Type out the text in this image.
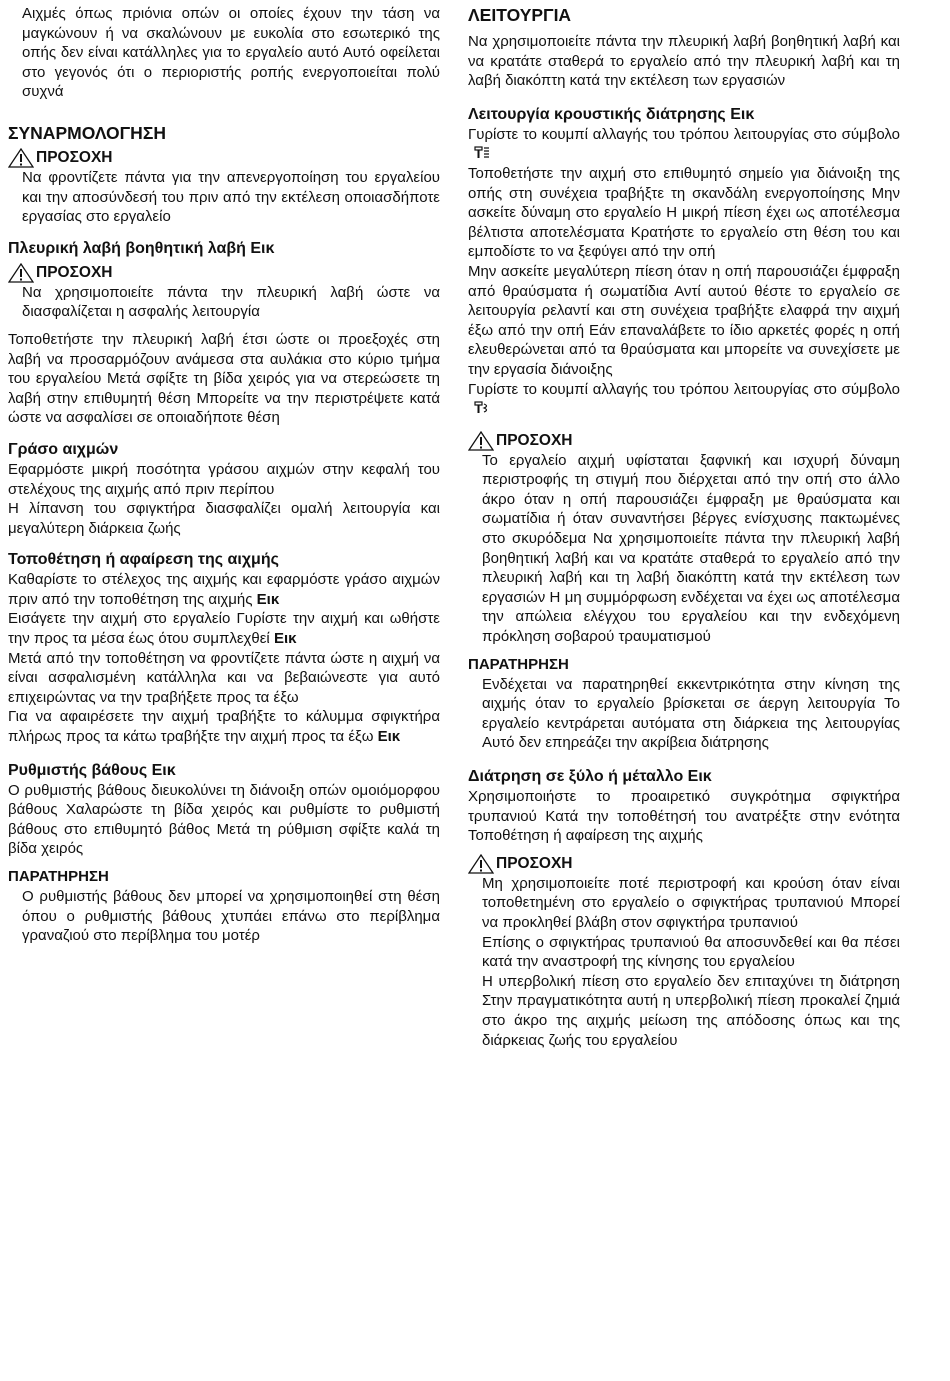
Αιχμές όπως πριόνια οπών οι οποίες έχουν την τάση να μαγκώνουν ή να σκαλώνουν με ευκολία στο εσωτερικό της οπής δεν είναι κατάλληλες για το εργαλείο αυτό Αυτό οφείλεται στο γεγονός ότι ο περιοριστής ροπής ενεργοποιείται πολύ συχνά

ΣΥΝΑΡΜΟΛΟΓΗΣΗ
ΠΡΟΣΟΧΗ

Να φροντίζετε πάντα για την απενεργοποίηση του εργαλείου και την αποσύνδεσή του πριν από την εκτέλεση οποιασδήποτε εργασίας στο εργαλείο

Πλευρική λαβή βοηθητική λαβή Εικ
ΠΡΟΣΟΧΗ

Να χρησιμοποιείτε πάντα την πλευρική λαβή ώστε να διασφαλίζεται η ασφαλής λειτουργία

Τοποθετήστε την πλευρική λαβή έτσι ώστε οι προεξοχές στη λαβή να προσαρμόζουν ανάμεσα στα αυλάκια στο κύριο τμήμα του εργαλείου Μετά σφίξτε τη βίδα χειρός για να στερεώσετε τη λαβή στην επιθυμητή θέση Μπορείτε να την περιστρέψετε κατά ώστε να ασφαλίσει σε οποιαδήποτε θέση

Γράσο αιχμών

Εφαρμόστε μικρή ποσότητα γράσου αιχμών στην κεφαλή του στελέχους της αιχμής από πριν περίπου

Η λίπανση του σφιγκτήρα διασφαλίζει ομαλή λειτουργία και μεγαλύτερη διάρκεια ζωής

Τοποθέτηση ή αφαίρεση της αιχμής

Καθαρίστε το στέλεχος της αιχμής και εφαρμόστε γράσο αιχμών πριν από την τοποθέτηση της αιχμής Εικ

Εισάγετε την αιχμή στο εργαλείο Γυρίστε την αιχμή και ωθήστε την προς τα μέσα έως ότου συμπλεχθεί Εικ

Μετά από την τοποθέτηση να φροντίζετε πάντα ώστε η αιχμή να είναι ασφαλισμένη κατάλληλα και να βεβαιώνεστε για αυτό επιχειρώντας να την τραβήξετε προς τα έξω

Για να αφαιρέσετε την αιχμή τραβήξτε το κάλυμμα σφιγκτήρα πλήρως προς τα κάτω τραβήξτε την αιχμή προς τα έξω Εικ

Ρυθμιστής βάθους Εικ

Ο ρυθμιστής βάθους διευκολύνει τη διάνοιξη οπών ομοιόμορφου βάθους Χαλαρώστε τη βίδα χειρός και ρυθμίστε το ρυθμιστή βάθους στο επιθυμητό βάθος Μετά τη ρύθμιση σφίξτε καλά τη βίδα χειρός

ΠΑΡΑΤΗΡΗΣΗ

Ο ρυθμιστής βάθους δεν μπορεί να χρησιμοποιηθεί στη θέση όπου ο ρυθμιστής βάθους χτυπάει επάνω στο περίβλημα γραναζιού στο περίβλημα του μοτέρ

ΛΕΙΤΟΥΡΓΙΑ

Να χρησιμοποιείτε πάντα την πλευρική λαβή βοηθητική λαβή και να κρατάτε σταθερά το εργαλείο από την πλευρική λαβή και τη λαβή διακόπτη κατά την εκτέλεση των εργασιών

Λειτουργία κρουστικής διάτρησης Εικ

Γυρίστε το κουμπί αλλαγής του τρόπου λειτουργίας στο σύμβολο

Τοποθετήστε την αιχμή στο επιθυμητό σημείο για διάνοιξη της οπής στη συνέχεια τραβήξτε τη σκανδάλη ενεργοποίησης Μην ασκείτε δύναμη στο εργαλείο Η μικρή πίεση έχει ως αποτέλεσμα βέλτιστα αποτελέσματα Κρατήστε το εργαλείο στη θέση του και εμποδίστε το να ξεφύγει από την οπή

Μην ασκείτε μεγαλύτερη πίεση όταν η οπή παρουσιάζει έμφραξη από θραύσματα ή σωματίδια Αντί αυτού θέστε το εργαλείο σε λειτουργία ρελαντί και στη συνέχεια τραβήξτε ελαφρά την αιχμή έξω από την οπή Εάν επαναλάβετε το ίδιο αρκετές φορές η οπή ελευθερώνεται από τα θραύσματα και μπορείτε να συνεχίσετε με την εργασία διάνοιξης

Γυρίστε το κουμπί αλλαγής του τρόπου λειτουργίας στο σύμβολο

ΠΡΟΣΟΧΗ

Το εργαλείο αιχμή υφίσταται ξαφνική και ισχυρή δύναμη περιστροφής τη στιγμή που διέρχεται από την οπή στο άλλο άκρο όταν η οπή παρουσιάζει έμφραξη με θραύσματα και σωματίδια ή όταν συναντήσει βέργες ενίσχυσης πακτωμένες στο σκυρόδεμα Να χρησιμοποιείτε πάντα την πλευρική λαβή βοηθητική λαβή και να κρατάτε σταθερά το εργαλείο από την πλευρική λαβή και τη λαβή διακόπτη κατά την εκτέλεση των εργασιών Η μη συμμόρφωση ενδέχεται να έχει ως αποτέλεσμα την απώλεια ελέγχου του εργαλείου και την ενδεχόμενη πρόκληση σοβαρού τραυματισμού

ΠΑΡΑΤΗΡΗΣΗ

Ενδέχεται να παρατηρηθεί εκκεντρικότητα στην κίνηση της αιχμής όταν το εργαλείο βρίσκεται σε άεργη λειτουργία Το εργαλείο κεντράρεται αυτόματα στη διάρκεια της λειτουργίας Αυτό δεν επηρεάζει την ακρίβεια διάτρησης

Διάτρηση σε ξύλο ή μέταλλο Εικ

Χρησιμοποιήστε το προαιρετικό συγκρότημα σφιγκτήρα τρυπανιού Κατά την τοποθέτησή του ανατρέξτε στην ενότητα Τοποθέτηση ή αφαίρεση της αιχμής

ΠΡΟΣΟΧΗ

Μη χρησιμοποιείτε ποτέ περιστροφή και κρούση όταν είναι τοποθετημένη στο εργαλείο ο σφιγκτήρας τρυπανιού Μπορεί να προκληθεί βλάβη στον σφιγκτήρα τρυπανιού

Επίσης ο σφιγκτήρας τρυπανιού θα αποσυνδεθεί και θα πέσει κατά την αναστροφή της κίνησης του εργαλείου

Η υπερβολική πίεση στο εργαλείο δεν επιταχύνει τη διάτρηση Στην πραγματικότητα αυτή η υπερβολική πίεση προκαλεί ζημιά στο άκρο της αιχμής μείωση της απόδοσης όπως και της διάρκειας ζωής του εργαλείου
